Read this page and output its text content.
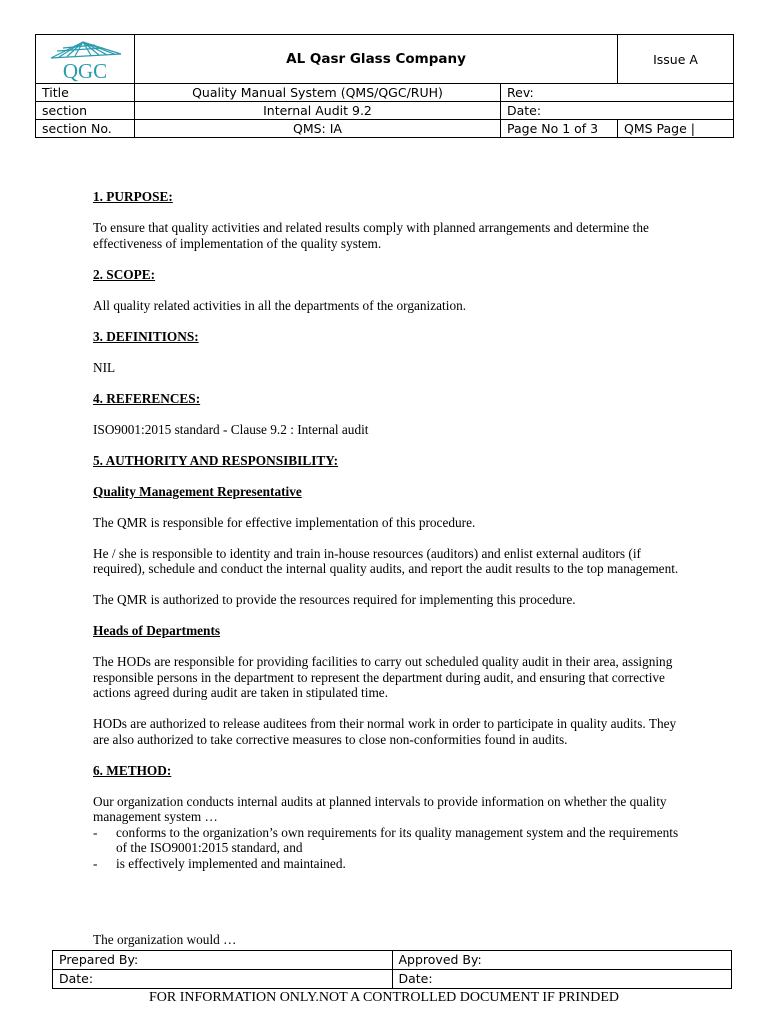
QGC	AL Qasr Glass Company		Issue A
Title	Quality Manual System (QMS/QGC/RUH)	Rev:	
section	Internal Audit 9.2	Date:	
section No.	QMS: IA	Page No 1 of 3	QMS Page |
1. PURPOSE:

To ensure that quality activities and related results comply with planned arrangements and determine the effectiveness of implementation of the quality system.

2. SCOPE:

All quality related activities in all the departments of the organization.

3. DEFINITIONS:

NIL

4. REFERENCES:

ISO9001:2015 standard - Clause 9.2 : Internal audit

5. AUTHORITY AND RESPONSIBILITY:
Quality Management Representative

The QMR is responsible for effective implementation of this procedure.

He / she is responsible to identity and train in-house resources (auditors) and enlist external auditors (if required), schedule and conduct the internal quality audits, and report the audit results to the top management.

The QMR is authorized to provide the resources required for implementing this procedure.

Heads of Departments

The HODs are responsible for providing facilities to carry out scheduled quality audit in their area, assigning responsible persons in the department to represent the department during audit, and ensuring that corrective actions agreed during audit are taken in stipulated time.

HODs are authorized to release auditees from their normal work in order to participate in quality audits. They are also authorized to take corrective measures to close non-conformities found in audits.

6. METHOD:
Our organization conducts internal audits at planned intervals to provide information on whether the quality management system …
- conforms to the organization’s own requirements for its quality management system and the requirements of the ISO9001:2015 standard, and
- is effectively implemented and maintained.
The organization would …
Prepared By:	Approved By:
Date:	Date:
FOR INFORMATION ONLY.NOT A CONTROLLED DOCUMENT IF PRINDED
